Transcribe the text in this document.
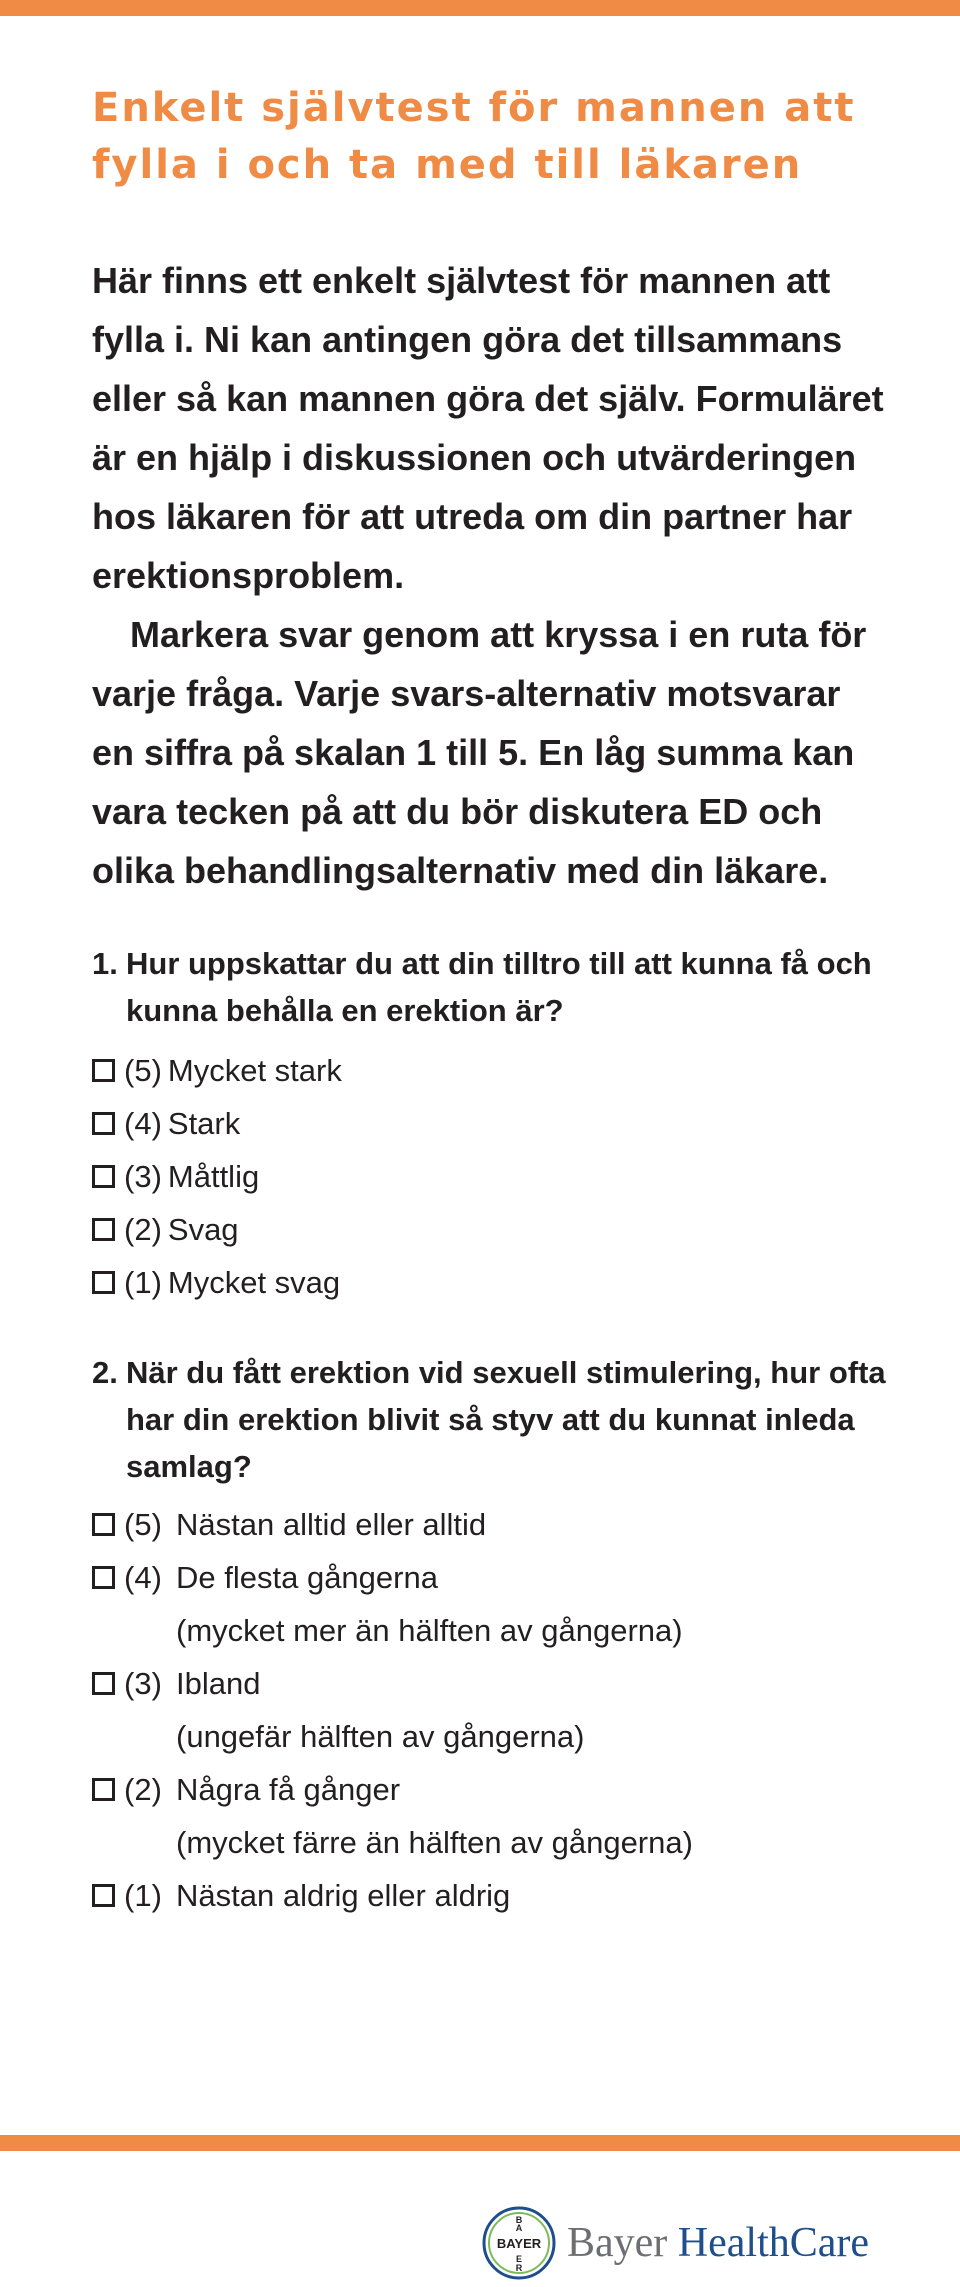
Enkelt självtest för mannen att fylla i och ta med till läkaren

Här finns ett enkelt självtest för mannen att fylla i. Ni kan antingen göra det tillsammans eller så kan mannen göra det själv. Formuläret är en hjälp i diskussionen och utvärderingen hos läkaren för att utreda om din partner har erektionsproblem.

Markera svar genom att kryssa i en ruta för varje fråga. Varje svars-alternativ motsvarar en siffra på skalan 1 till 5. En låg summa kan vara tecken på att du bör diskutera ED och olika behandlingsalternativ med din läkare.

1. Hur uppskattar du att din tilltro till att kunna få och kunna behålla en erektion är?
(5) Mycket stark
(4) Stark
(3) Måttlig
(2) Svag
(1) Mycket svag
2. När du fått erektion vid sexuell stimulering, hur ofta har din erektion blivit så styv att du kunnat inleda samlag?
(5) Nästan alltid eller alltid
(4) De flesta gångerna
(mycket mer än hälften av gångerna)
(3) Ibland
(ungefär hälften av gångerna)
(2) Några få gånger
(mycket färre än hälften av gångerna)
(1) Nästan aldrig eller aldrig
BAYER
B
A
E
R
Bayer HealthCare
